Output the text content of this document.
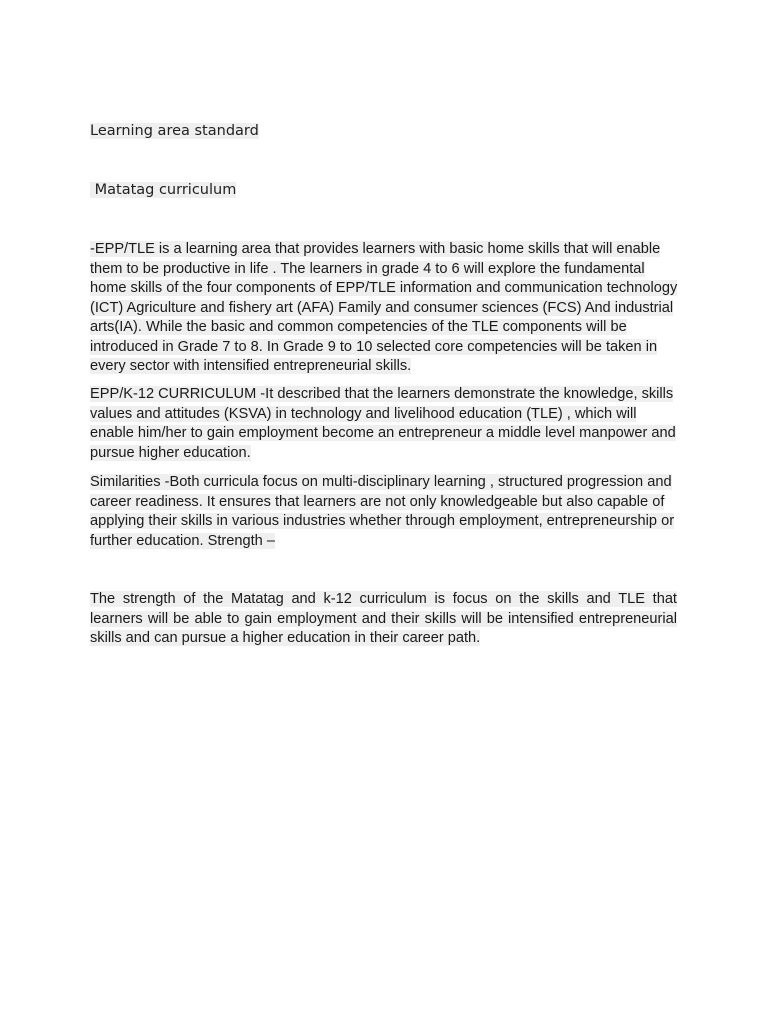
Learning area standard
Matatag curriculum

-EPP/TLE is a learning area that provides learners with basic home skills that will enable them to be productive in life . The learners in grade 4 to 6 will explore the fundamental home skills of the four components of EPP/TLE information and communication technology (ICT) Agriculture and fishery art (AFA) Family and consumer sciences (FCS) And industrial arts(IA). While the basic and common competencies of the TLE components will be introduced in Grade 7 to 8. In Grade 9 to 10 selected core competencies will be taken in every sector with intensified entrepreneurial skills.

EPP/K-12 CURRICULUM -It described that the learners demonstrate the knowledge, skills values and attitudes (KSVA) in technology and livelihood education (TLE) , which will enable him/her to gain employment become an entrepreneur a middle level manpower and pursue higher education.

Similarities -Both curricula focus on multi-disciplinary learning , structured progression and career readiness. It ensures that learners are not only knowledgeable but also capable of applying their skills in various industries whether through employment, entrepreneurship or further education. Strength –

The strength of the Matatag and k-12 curriculum is focus on the skills and TLE that learners will be able to gain employment and their skills will be intensified entrepreneurial skills and can pursue a higher education in their career path.
